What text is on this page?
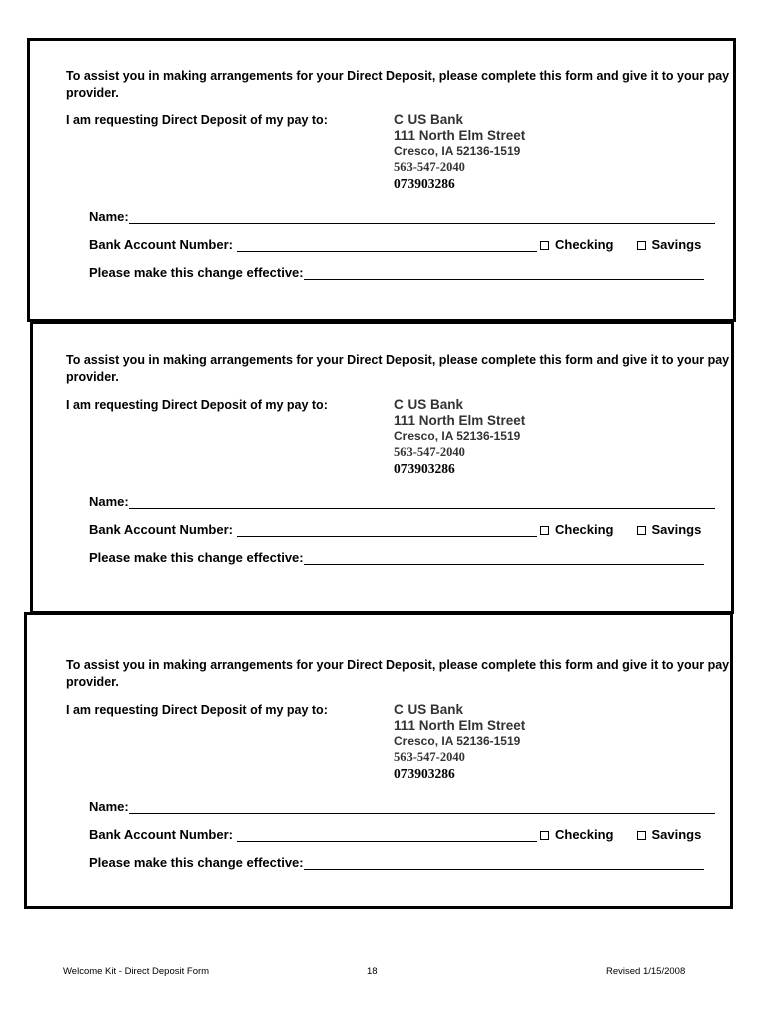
To assist you in making arrangements for your Direct Deposit, please complete this form and give it to your pay provider.

I am requesting Direct Deposit of my pay to:	C US Bank
111 North Elm Street
Cresco, IA 52136-1519
563-547-2040
073903286
Name:
Bank Account Number:	Checking	Savings
Please make this change effective:

To assist you in making arrangements for your Direct Deposit, please complete this form and give it to your pay provider.

I am requesting Direct Deposit of my pay to:	C US Bank
111 North Elm Street
Cresco, IA 52136-1519
563-547-2040
073903286
Name:
Bank Account Number:	Checking	Savings
Please make this change effective:

To assist you in making arrangements for your Direct Deposit, please complete this form and give it to your pay provider.

I am requesting Direct Deposit of my pay to:	C US Bank
111 North Elm Street
Cresco, IA 52136-1519
563-547-2040
073903286
Name:
Bank Account Number:	Checking	Savings
Please make this change effective:
Welcome Kit - Direct Deposit Form	18	Revised 1/15/2008
